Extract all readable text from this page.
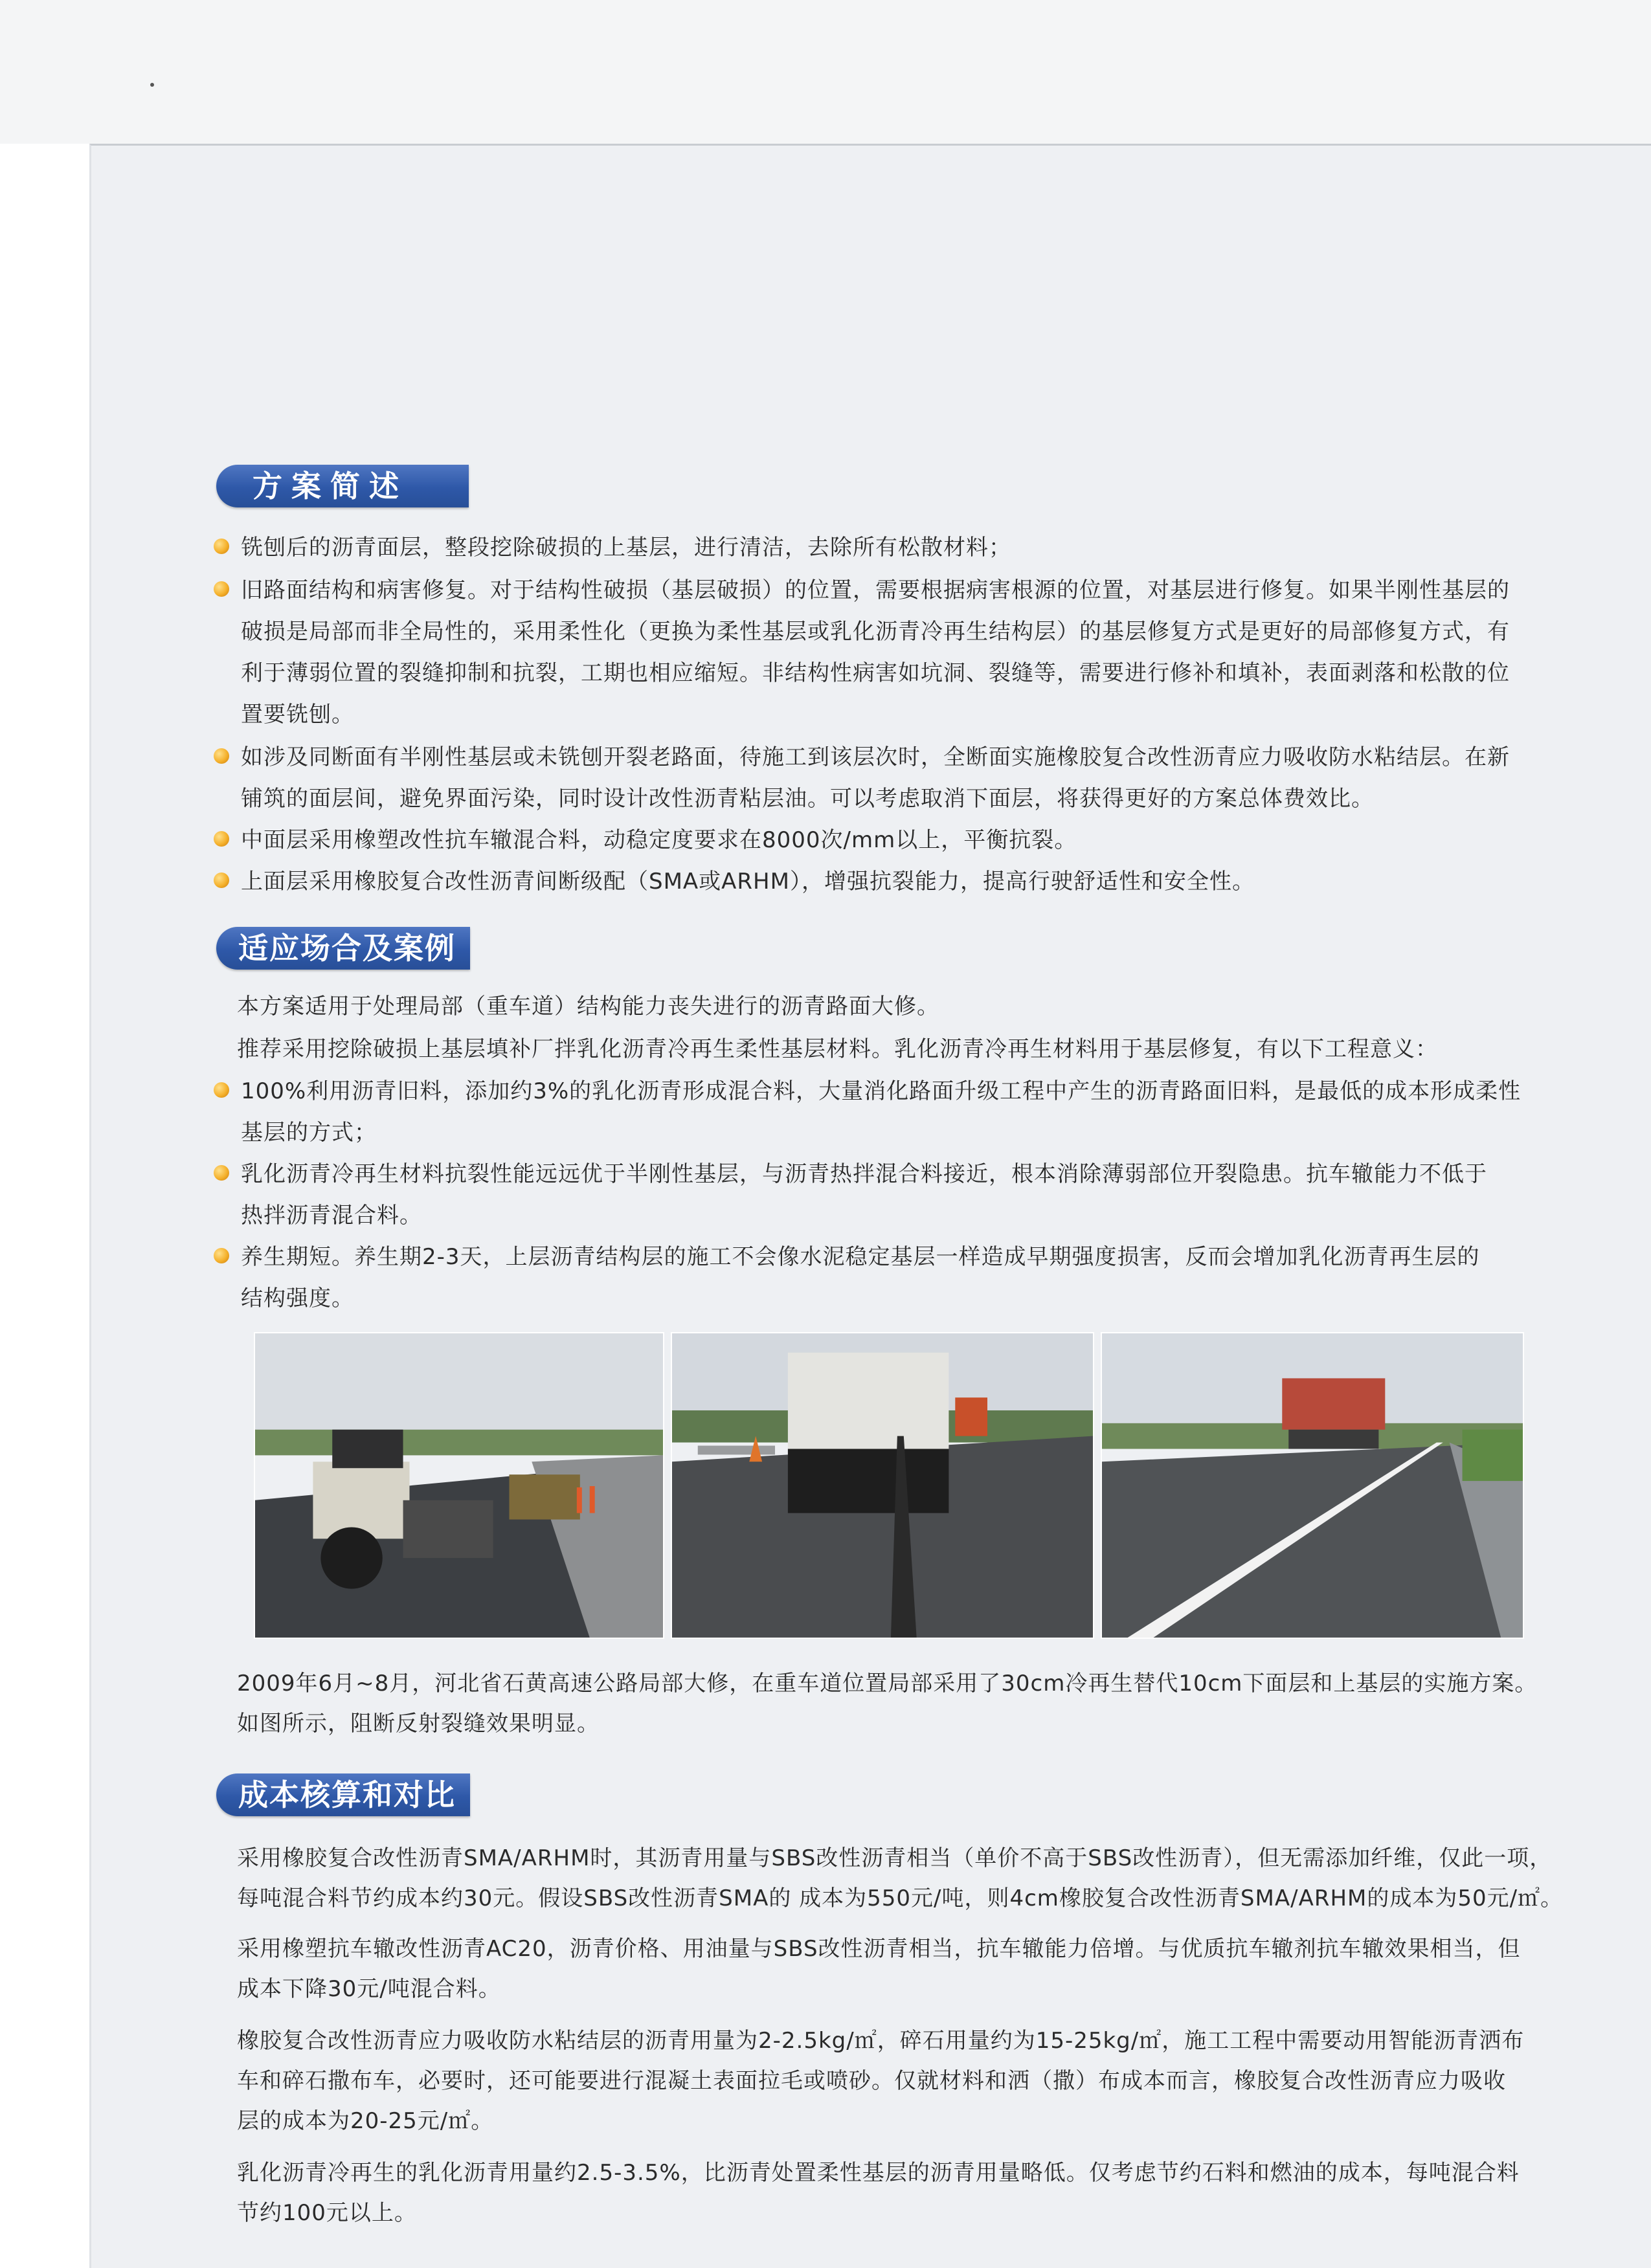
方案简述
铣刨后的沥青面层，整段挖除破损的上基层，进行清洁，去除所有松散材料；
旧路面结构和病害修复。对于结构性破损（基层破损）的位置，需要根据病害根源的位置，对基层进行修复。如果半刚性基层的
破损是局部而非全局性的，采用柔性化（更换为柔性基层或乳化沥青冷再生结构层）的基层修复方式是更好的局部修复方式，有
利于薄弱位置的裂缝抑制和抗裂，工期也相应缩短。非结构性病害如坑洞、裂缝等，需要进行修补和填补，表面剥落和松散的位
置要铣刨。
如涉及同断面有半刚性基层或未铣刨开裂老路面，待施工到该层次时，全断面实施橡胶复合改性沥青应力吸收防水粘结层。在新
铺筑的面层间，避免界面污染，同时设计改性沥青粘层油。可以考虑取消下面层，将获得更好的方案总体费效比。
中面层采用橡塑改性抗车辙混合料，动稳定度要求在8000次/mm以上，平衡抗裂。
上面层采用橡胶复合改性沥青间断级配（SMA或ARHM），增强抗裂能力，提高行驶舒适性和安全性。
适应场合及案例
本方案适用于处理局部（重车道）结构能力丧失进行的沥青路面大修。
推荐采用挖除破损上基层填补厂拌乳化沥青冷再生柔性基层材料。乳化沥青冷再生材料用于基层修复，有以下工程意义：
100%利用沥青旧料，添加约3%的乳化沥青形成混合料，大量消化路面升级工程中产生的沥青路面旧料，是最低的成本形成柔性
基层的方式；
乳化沥青冷再生材料抗裂性能远远优于半刚性基层，与沥青热拌混合料接近，根本消除薄弱部位开裂隐患。抗车辙能力不低于
热拌沥青混合料。
养生期短。养生期2-3天，上层沥青结构层的施工不会像水泥稳定基层一样造成早期强度损害，反而会增加乳化沥青再生层的
结构强度。
2009年6月~8月，河北省石黄高速公路局部大修，在重车道位置局部采用了30cm冷再生替代10cm下面层和上基层的实施方案。
如图所示，阻断反射裂缝效果明显。
成本核算和对比
采用橡胶复合改性沥青SMA/ARHM时，其沥青用量与SBS改性沥青相当（单价不高于SBS改性沥青），但无需添加纤维，仅此一项，
每吨混合料节约成本约30元。假设SBS改性沥青SMA的 成本为550元/吨，则4cm橡胶复合改性沥青SMA/ARHM的成本为50元/㎡。
采用橡塑抗车辙改性沥青AC20，沥青价格、用油量与SBS改性沥青相当，抗车辙能力倍增。与优质抗车辙剂抗车辙效果相当，但
成本下降30元/吨混合料。
橡胶复合改性沥青应力吸收防水粘结层的沥青用量为2-2.5kg/㎡，碎石用量约为15-25kg/㎡，施工工程中需要动用智能沥青洒布
车和碎石撒布车，必要时，还可能要进行混凝土表面拉毛或喷砂。仅就材料和洒（撒）布成本而言，橡胶复合改性沥青应力吸收
层的成本为20-25元/㎡。
乳化沥青冷再生的乳化沥青用量约2.5-3.5%，比沥青处置柔性基层的沥青用量略低。仅考虑节约石料和燃油的成本，每吨混合料
节约100元以上。
